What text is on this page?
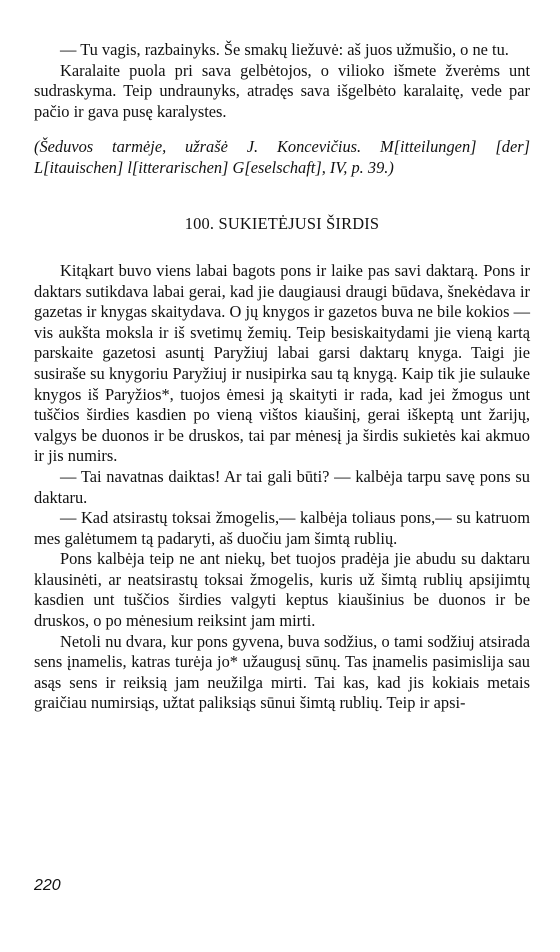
— Tu vagis, razbainyks. Še smakų liežuvė: aš juos užmušio, o ne tu.

Karalaite puola pri sava gelbėtojos, o vilioko išmete žverėms unt sudraskyma. Teip undraunyks, atradęs sava išgelbėto karalaitę, vede par pačio ir gava pusę karalystes.

(Šeduvos tarmėje, užrašė J. Koncevičius. M[itteilungen] [der] L[itauischen] l[itterarischen] G[eselschaft], IV, p. 39.)

100. SUKIETĖJUSI ŠIRDIS

Kitąkart buvo viens labai bagots pons ir laike pas savi daktarą. Pons ir daktars sutikdava labai gerai, kad jie daugiausi draugi būdava, šnekėdava ir gazetas ir knygas skaitydava. O jų knygos ir gazetos buva ne bile kokios — vis aukšta moksla ir iš svetimų žemių. Teip besiskaitydami jie vieną kartą parskaite gazetosi asuntį Paryžiuj labai garsi daktarų knyga. Taigi jie susiraše su knygoriu Paryžiuj ir nusipirka sau tą knygą. Kaip tik jie sulauke knygos iš Paryžios*, tuojos ėmesi ją skaityti ir rada, kad jei žmogus unt tuščios širdies kasdien po vieną vištos kiaušinį, gerai iškeptą unt žarijų, valgys be duonos ir be druskos, tai par mėnesį ja širdis sukietės kai akmuo ir jis numirs.

— Tai navatnas daiktas! Ar tai gali būti? — kalbėja tarpu savę pons su daktaru.

— Kad atsirastų toksai žmogelis,— kalbėja toliaus pons,— su katruom mes galėtumem tą padaryti, aš duočiu jam šimtą rublių.

Pons kalbėja teip ne ant niekų, bet tuojos pradėja jie abudu su daktaru klausinėti, ar neatsirastų toksai žmogelis, kuris už šimtą rublių apsijimtų kasdien unt tuščios širdies valgyti keptus kiaušinius be duonos ir be druskos, o po mėnesium reiksint jam mirti.

Netoli nu dvara, kur pons gyvena, buva sodžius, o tami sodžiuj atsirada sens įnamelis, katras turėja jo* užaugusį sūnų. Tas įnamelis pasimislija sau asąs sens ir reiksią jam neužilga mirti. Tai kas, kad jis kokiais metais graičiau numirsiąs, užtat paliksiąs sūnui šimtą rublių. Teip ir apsi-

220
